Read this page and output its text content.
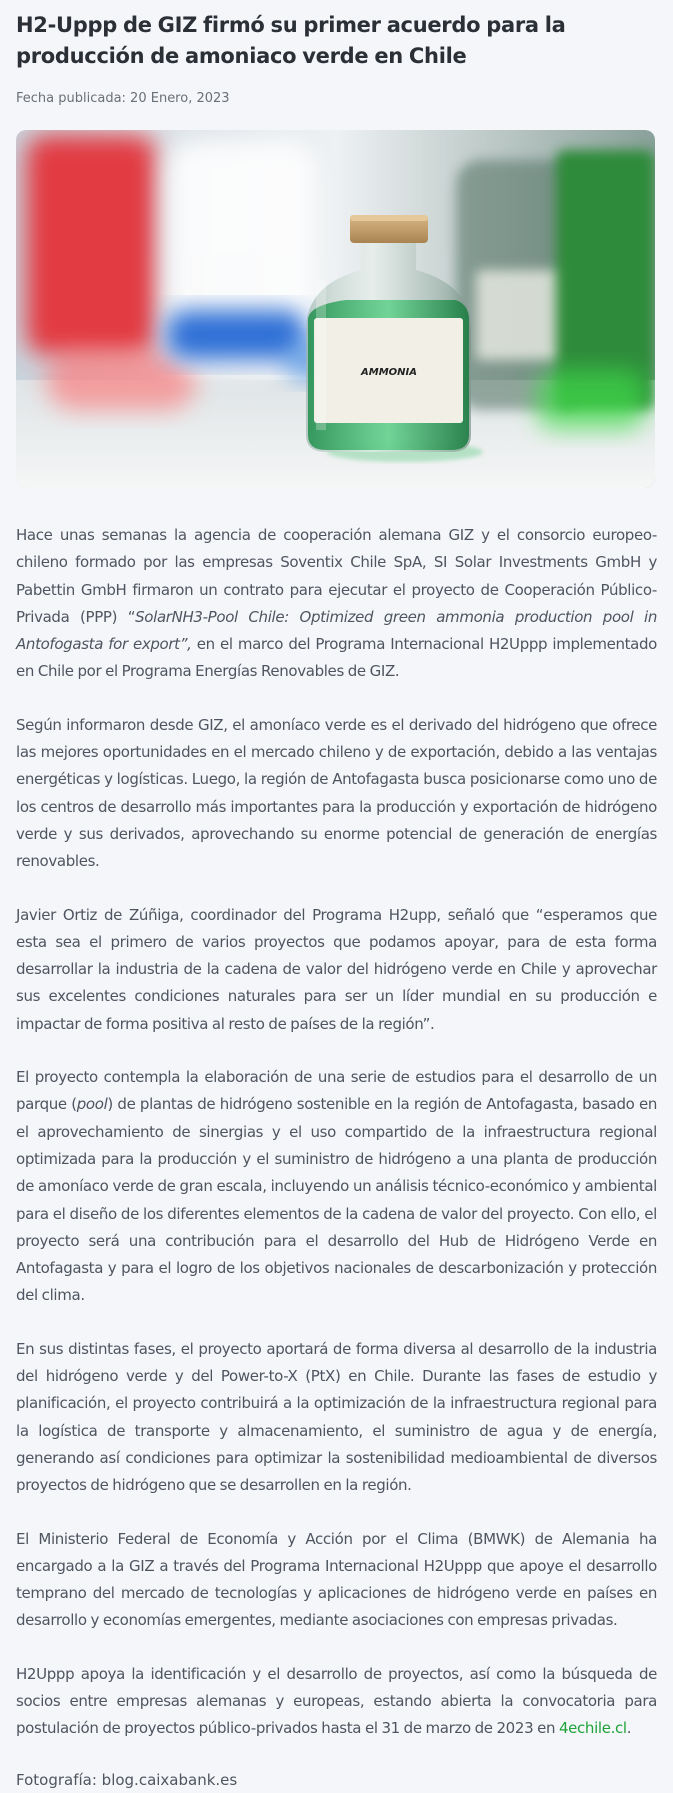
H2-Uppp de GIZ firmó su primer acuerdo para la producción de amoniaco verde en Chile
Fecha publicada: 20 Enero, 2023
AMMONIA

Hace unas semanas la agencia de cooperación alemana GIZ y el consorcio europeo-chileno formado por las empresas Soventix Chile SpA, SI Solar Investments GmbH y Pabettin GmbH firmaron un contrato para ejecutar el proyecto de Cooperación Público-Privada (PPP) “SolarNH3-Pool Chile: Optimized green ammonia production pool in Antofogasta for export”, en el marco del Programa Internacional H2Uppp implementado en Chile por el Programa Energías Renovables de GIZ.

Según informaron desde GIZ, el amoníaco verde es el derivado del hidrógeno que ofrece las mejores oportunidades en el mercado chileno y de exportación, debido a las ventajas energéticas y logísticas. Luego, la región de Antofagasta busca posicionarse como uno de los centros de desarrollo más importantes para la producción y exportación de hidrógeno verde y sus derivados, aprovechando su enorme potencial de generación de energías renovables.

Javier Ortiz de Zúñiga, coordinador del Programa H2upp, señaló que “esperamos que esta sea el primero de varios proyectos que podamos apoyar, para de esta forma desarrollar la industria de la cadena de valor del hidrógeno verde en Chile y aprovechar sus excelentes condiciones naturales para ser un líder mundial en su producción e impactar de forma positiva al resto de países de la región”.

El proyecto contempla la elaboración de una serie de estudios para el desarrollo de un parque (pool) de plantas de hidrógeno sostenible en la región de Antofagasta, basado en el aprovechamiento de sinergias y el uso compartido de la infraestructura regional optimizada para la producción y el suministro de hidrógeno a una planta de producción de amoníaco verde de gran escala, incluyendo un análisis técnico-económico y ambiental para el diseño de los diferentes elementos de la cadena de valor del proyecto. Con ello, el proyecto será una contribución para el desarrollo del Hub de Hidrógeno Verde en Antofagasta y para el logro de los objetivos nacionales de descarbonización y protección del clima.

En sus distintas fases, el proyecto aportará de forma diversa al desarrollo de la industria del hidrógeno verde y del Power-to-X (PtX) en Chile. Durante las fases de estudio y planificación, el proyecto contribuirá a la optimización de la infraestructura regional para la logística de transporte y almacenamiento, el suministro de agua y de energía, generando así condiciones para optimizar la sostenibilidad medioambiental de diversos proyectos de hidrógeno que se desarrollen en la región.

El Ministerio Federal de Economía y Acción por el Clima (BMWK) de Alemania ha encargado a la GIZ a través del Programa Internacional H2Uppp que apoye el desarrollo temprano del mercado de tecnologías y aplicaciones de hidrógeno verde en países en desarrollo y economías emergentes, mediante asociaciones con empresas privadas.

H2Uppp apoya la identificación y el desarrollo de proyectos, así como la búsqueda de socios entre empresas alemanas y europeas, estando abierta la convocatoria para postulación de proyectos público-privados hasta el 31 de marzo de 2023 en 4echile.cl.

Fotografía: blog.caixabank.es
